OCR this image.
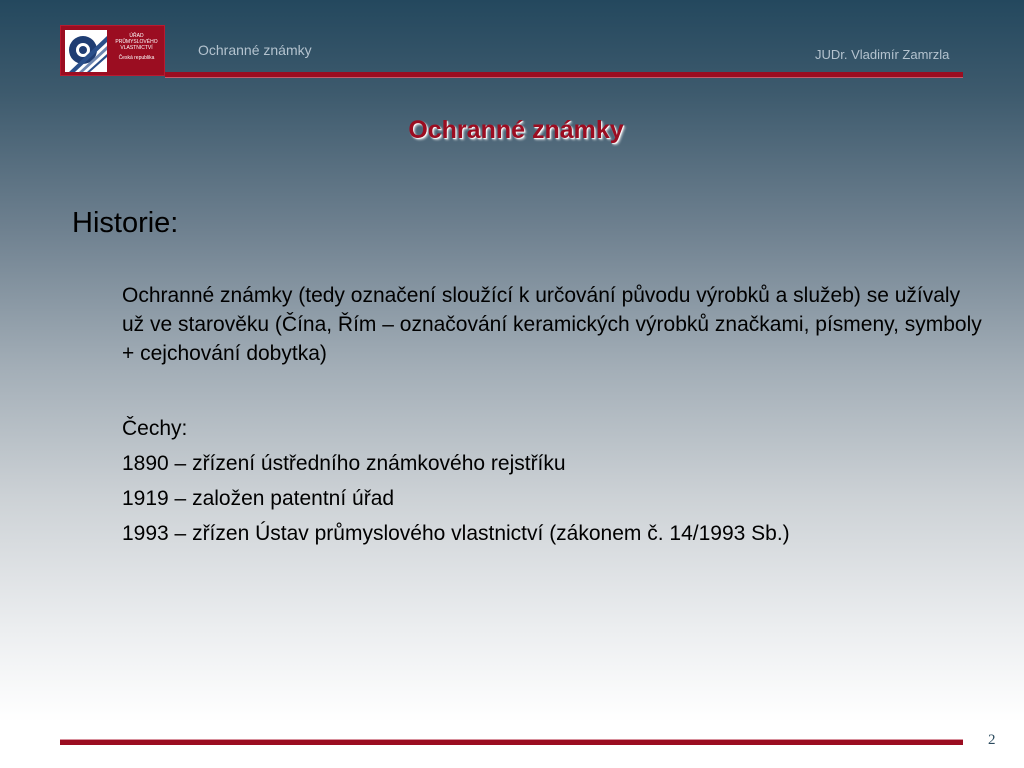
ÚŘAD
PRŮMYSLOVÉHO
VLASTNICTVÍ
Česká republika	Ochranné známky	JUDr. Vladimír Zamrzla
Ochranné známky
Historie:
Ochranné známky (tedy označení sloužící k určování původu výrobků a služeb) se užívaly už ve starověku (Čína, Řím – označování keramických výrobků značkami, písmeny, symboly + cejchování dobytka)
Čechy:
1890 – zřízení ústředního známkového rejstříku
1919 – založen patentní úřad
1993 – zřízen Ústav průmyslového vlastnictví (zákonem č. 14/1993 Sb.)
2
